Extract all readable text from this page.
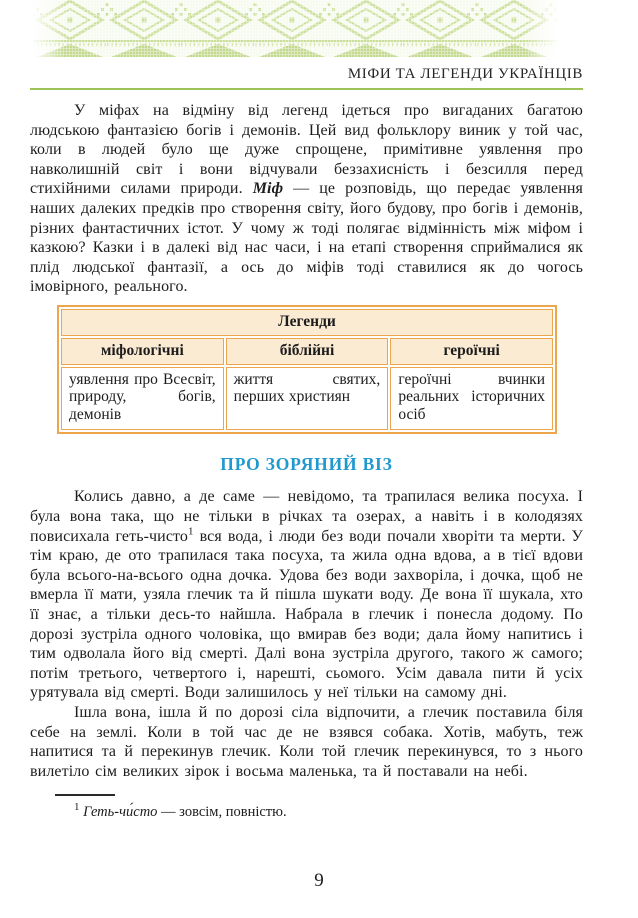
МІФИ ТА ЛЕГЕНДИ УКРАЇНЦІВ

У міфах на відміну від легенд ідеться про вигаданих багатою людською фантазією богів і демонів. Цей вид фольклору виник у той час, коли в людей було ще дуже спрощене, примітивне уявлення про навколишній світ і вони відчували беззахисність і безсилля перед стихійними силами природи. Міф — це розповідь, що передає уявлення наших далеких предків про створення світу, його будову, про богів і демонів, різних фантастичних істот. У чому ж тоді полягає відмінність між міфом і казкою? Казки і в далекі від нас часи, і на етапі створення сприймалися як плід людської фантазії, а ось до міфів тоді ставилися як до чогось імовірного, реального.

Легенди		
міфологічні	біблійні	героїчні
уявлення про Всесвіт, природу, богів, демонів	життя святих, перших християн	героїчні вчинки реальних історичних осіб
ПРО ЗОРЯНИЙ ВІЗ

Колись давно, а де саме — невідомо, та трапилася велика посуха. І була вона така, що не тільки в річках та озерах, а навіть і в колодязях повисихала геть-чисто$^1$ вся вода, і люди без води почали хворіти та мерти. У тім краю, де ото трапилася така посуха, та жила одна вдова, а в тієї вдови була всього-на-всього одна дочка. Удова без води захворіла, і дочка, щоб не вмерла її мати, узяла глечик та й пішла шукати воду. Де вона її шукала, хто її знає, а тільки десь-то найшла. Набрала в глечик і понесла додому. По дорозі зустріла одного чоловіка, що вмирав без води; дала йому напитись і тим одволала його від смерті. Далі вона зустріла другого, такого ж самого; потім третього, четвертого і, нарешті, сьомого. Усім давала пити й усіх урятувала від смерті. Води залишилось у неї тільки на самому дні.

Ішла вона, ішла й по дорозі сіла відпочити, а глечик поставила біля себе на землі. Коли в той час де не взявся собака. Хотів, мабуть, теж напитися та й перекинув глечик. Коли той глечик перекинувся, то з нього вилетіло сім великих зірок і восьма маленька, та й поставали на небі.

$^1$ Геть-чи́сто — зовсім, повністю.

9
